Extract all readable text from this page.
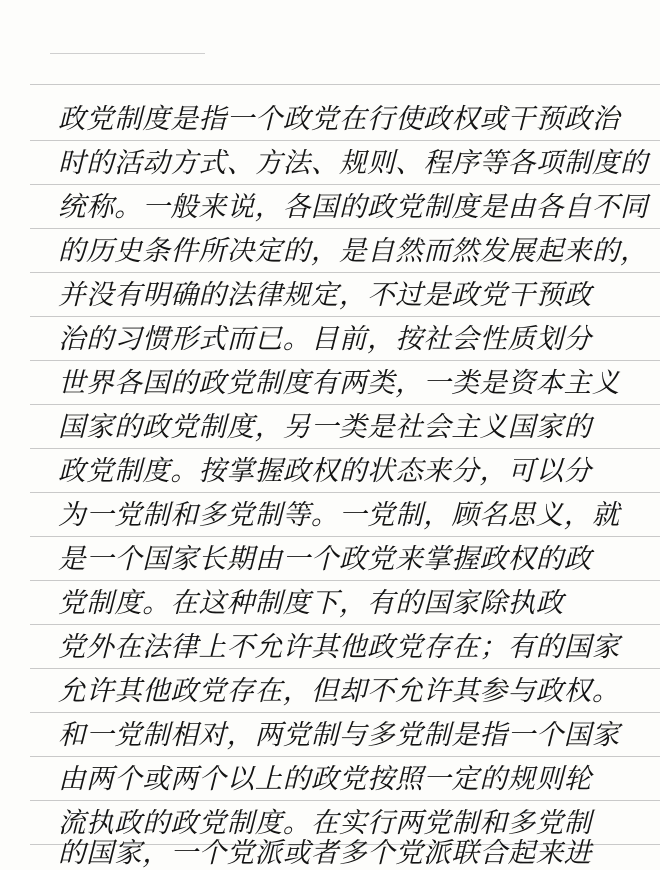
政党制度是指一个政党在行使政权或干预政治
时的活动方式、方法、规则、程序等各项制度的
统称。一般来说，各国的政党制度是由各自不同
的历史条件所决定的，是自然而然发展起来的，
并没有明确的法律规定，不过是政党干预政
治的习惯形式而已。目前，按社会性质划分
世界各国的政党制度有两类，一类是资本主义
国家的政党制度，另一类是社会主义国家的
政党制度。按掌握政权的状态来分，可以分
为一党制和多党制等。一党制，顾名思义，就
是一个国家长期由一个政党来掌握政权的政
党制度。在这种制度下，有的国家除执政
党外在法律上不允许其他政党存在；有的国家
允许其他政党存在，但却不允许其参与政权。
和一党制相对，两党制与多党制是指一个国家
由两个或两个以上的政党按照一定的规则轮
流执政的政党制度。在实行两党制和多党制
的国家，一个党派或者多个党派联合起来进
